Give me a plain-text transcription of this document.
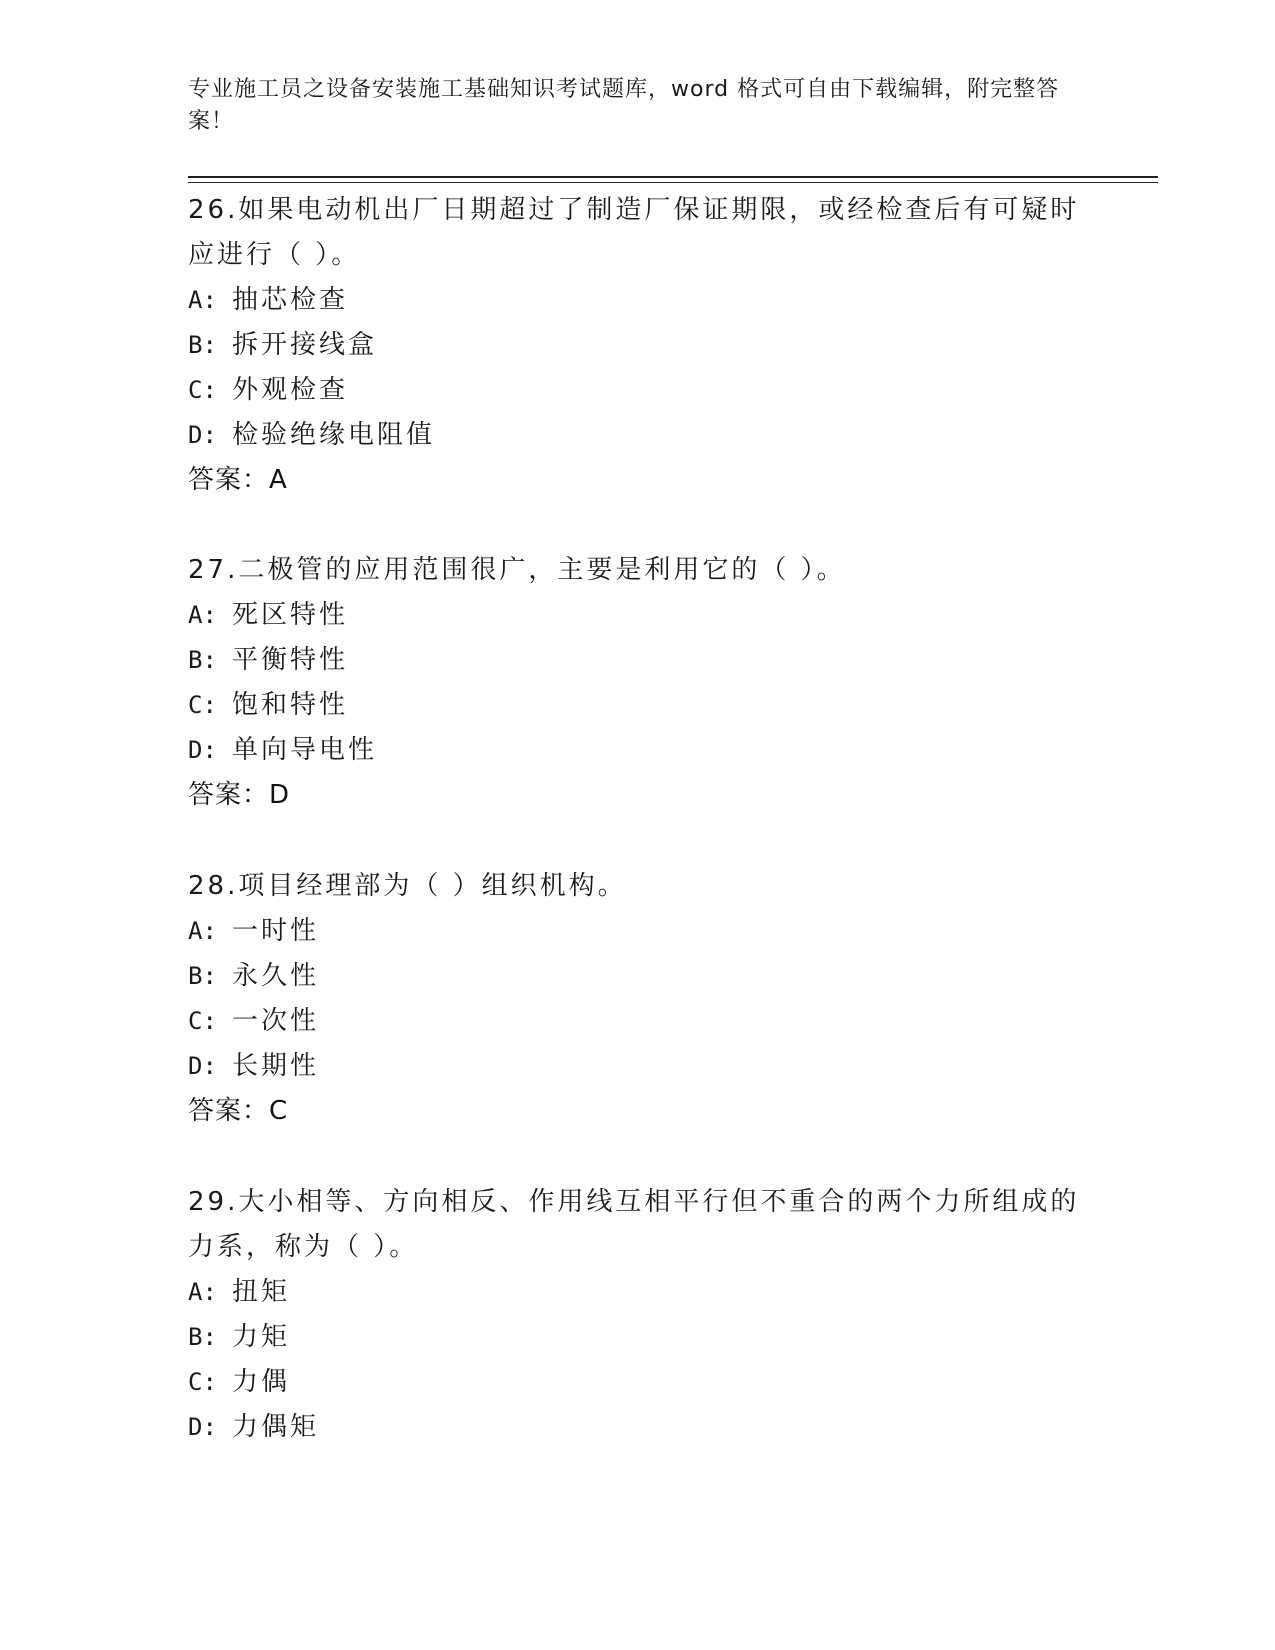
专业施工员之设备安装施工基础知识考试题库，word 格式可自由下载编辑，附完整答案！
26.如果电动机出厂日期超过了制造厂保证期限，或经检查后有可疑时应进行（ ）。
A: 抽芯检查
B: 拆开接线盒
C: 外观检查
D: 检验绝缘电阻值
答案：A
27.二极管的应用范围很广，主要是利用它的（ ）。
A: 死区特性
B: 平衡特性
C: 饱和特性
D: 单向导电性
答案：D
28.项目经理部为（ ）组织机构。
A: 一时性
B: 永久性
C: 一次性
D: 长期性
答案：C
29.大小相等、方向相反、作用线互相平行但不重合的两个力所组成的力系，称为（ ）。
A: 扭矩
B: 力矩
C: 力偶
D: 力偶矩
